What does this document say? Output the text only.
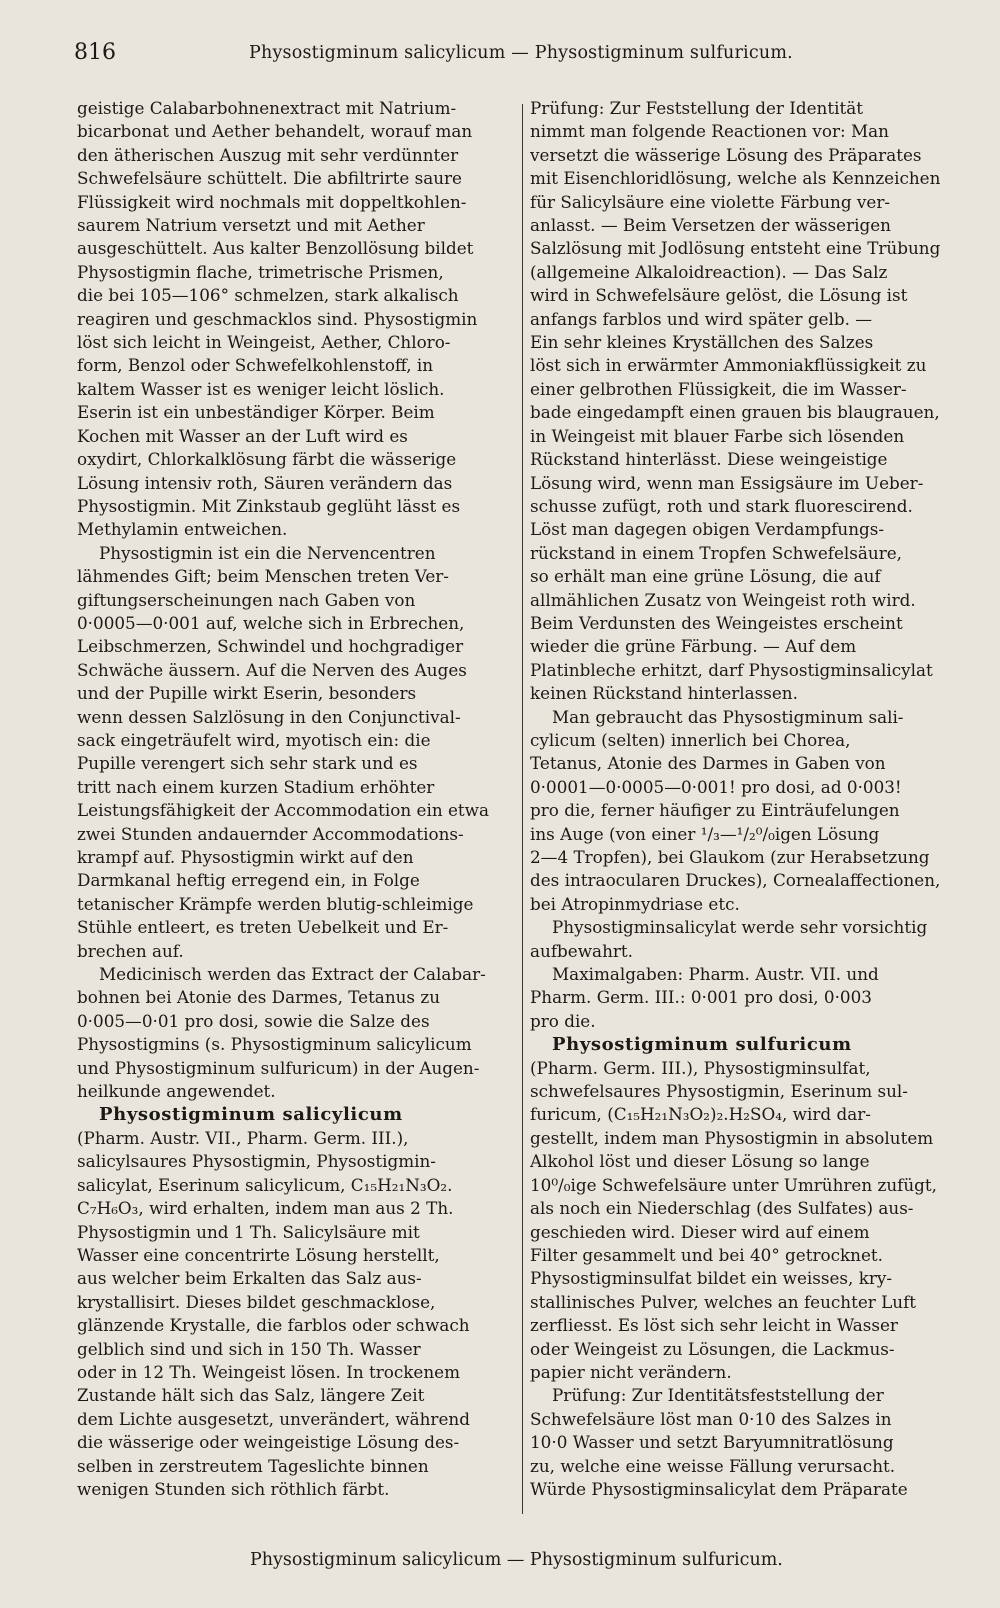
816	Physostigminum salicylicum — Physostigminum sulfuricum.
geistige Calabarbohnenextract mit Natrium-
bicarbonat und Aether behandelt, worauf man
den ätherischen Auszug mit sehr verdünnter
Schwefelsäure schüttelt. Die abfiltrirte saure
Flüssigkeit wird nochmals mit doppeltkohlen-
saurem Natrium versetzt und mit Aether
ausgeschüttelt. Aus kalter Benzollösung bildet
Physostigmin flache, trimetrische Prismen,
die bei 105—106° schmelzen, stark alkalisch
reagiren und geschmacklos sind. Physostigmin
löst sich leicht in Weingeist, Aether, Chloro-
form, Benzol oder Schwefelkohlenstoff, in
kaltem Wasser ist es weniger leicht löslich.
Eserin ist ein unbeständiger Körper. Beim
Kochen mit Wasser an der Luft wird es
oxydirt, Chlorkalklösung färbt die wässerige
Lösung intensiv roth, Säuren verändern das
Physostigmin. Mit Zinkstaub geglüht lässt es
Methylamin entweichen.
Physostigmin ist ein die Nervencentren
lähmendes Gift; beim Menschen treten Ver-
giftungserscheinungen nach Gaben von
0·0005—0·001 auf, welche sich in Erbrechen,
Leibschmerzen, Schwindel und hochgradiger
Schwäche äussern. Auf die Nerven des Auges
und der Pupille wirkt Eserin, besonders
wenn dessen Salzlösung in den Conjunctival-
sack eingeträufelt wird, myotisch ein: die
Pupille verengert sich sehr stark und es
tritt nach einem kurzen Stadium erhöhter
Leistungsfähigkeit der Accommodation ein etwa
zwei Stunden andauernder Accommodations-
krampf auf. Physostigmin wirkt auf den
Darmkanal heftig erregend ein, in Folge
tetanischer Krämpfe werden blutig-schleimige
Stühle entleert, es treten Uebelkeit und Er-
brechen auf.
Medicinisch werden das Extract der Calabar-
bohnen bei Atonie des Darmes, Tetanus zu
0·005—0·01 pro dosi, sowie die Salze des
Physostigmins (s. Physostigminum salicylicum
und Physostigminum sulfuricum) in der Augen-
heilkunde angewendet.
Physostigminum salicylicum
(Pharm. Austr. VII., Pharm. Germ. III.),
salicylsaures Physostigmin, Physostigmin-
salicylat, Eserinum salicylicum, C₁₅H₂₁N₃O₂.
C₇H₆O₃, wird erhalten, indem man aus 2 Th.
Physostigmin und 1 Th. Salicylsäure mit
Wasser eine concentrirte Lösung herstellt,
aus welcher beim Erkalten das Salz aus-
krystallisirt. Dieses bildet geschmacklose,
glänzende Krystalle, die farblos oder schwach
gelblich sind und sich in 150 Th. Wasser
oder in 12 Th. Weingeist lösen. In trockenem
Zustande hält sich das Salz, längere Zeit
dem Lichte ausgesetzt, unverändert, während
die wässerige oder weingeistige Lösung des-
selben in zerstreutem Tageslichte binnen
wenigen Stunden sich röthlich färbt.
Prüfung: Zur Feststellung der Identität
nimmt man folgende Reactionen vor: Man
versetzt die wässerige Lösung des Präparates
mit Eisenchloridlösung, welche als Kennzeichen
für Salicylsäure eine violette Färbung ver-
anlasst. — Beim Versetzen der wässerigen
Salzlösung mit Jodlösung entsteht eine Trübung
(allgemeine Alkaloidreaction). — Das Salz
wird in Schwefelsäure gelöst, die Lösung ist
anfangs farblos und wird später gelb. —
Ein sehr kleines Kryställchen des Salzes
löst sich in erwärmter Ammoniakflüssigkeit zu
einer gelbrothen Flüssigkeit, die im Wasser-
bade eingedampft einen grauen bis blaugrauen,
in Weingeist mit blauer Farbe sich lösenden
Rückstand hinterlässt. Diese weingeistige
Lösung wird, wenn man Essigsäure im Ueber-
schusse zufügt, roth und stark fluorescirend.
Löst man dagegen obigen Verdampfungs-
rückstand in einem Tropfen Schwefelsäure,
so erhält man eine grüne Lösung, die auf
allmählichen Zusatz von Weingeist roth wird.
Beim Verdunsten des Weingeistes erscheint
wieder die grüne Färbung. — Auf dem
Platinbleche erhitzt, darf Physostigminsalicylat
keinen Rückstand hinterlassen.
Man gebraucht das Physostigminum sali-
cylicum (selten) innerlich bei Chorea,
Tetanus, Atonie des Darmes in Gaben von
0·0001—0·0005—0·001! pro dosi, ad 0·003!
pro die, ferner häufiger zu Einträufelungen
ins Auge (von einer ¹/₃—¹/₂⁰/₀igen Lösung
2—4 Tropfen), bei Glaukom (zur Herabsetzung
des intraocularen Druckes), Cornealaffectionen,
bei Atropinmydriase etc.
Physostigminsalicylat werde sehr vorsichtig
aufbewahrt.
Maximalgaben: Pharm. Austr. VII. und
Pharm. Germ. III.: 0·001 pro dosi, 0·003
pro die.
Physostigminum sulfuricum
(Pharm. Germ. III.), Physostigminsulfat,
schwefelsaures Physostigmin, Eserinum sul-
furicum, (C₁₅H₂₁N₃O₂)₂.H₂SO₄, wird dar-
gestellt, indem man Physostigmin in absolutem
Alkohol löst und dieser Lösung so lange
10⁰/₀ige Schwefelsäure unter Umrühren zufügt,
als noch ein Niederschlag (des Sulfates) aus-
geschieden wird. Dieser wird auf einem
Filter gesammelt und bei 40° getrocknet.
Physostigminsulfat bildet ein weisses, kry-
stallinisches Pulver, welches an feuchter Luft
zerfliesst. Es löst sich sehr leicht in Wasser
oder Weingeist zu Lösungen, die Lackmus-
papier nicht verändern.
Prüfung: Zur Identitätsfeststellung der
Schwefelsäure löst man 0·10 des Salzes in
10·0 Wasser und setzt Baryumnitratlösung
zu, welche eine weisse Fällung verursacht.
Würde Physostigminsalicylat dem Präparate
Physostigminum salicylicum — Physostigminum sulfuricum.
